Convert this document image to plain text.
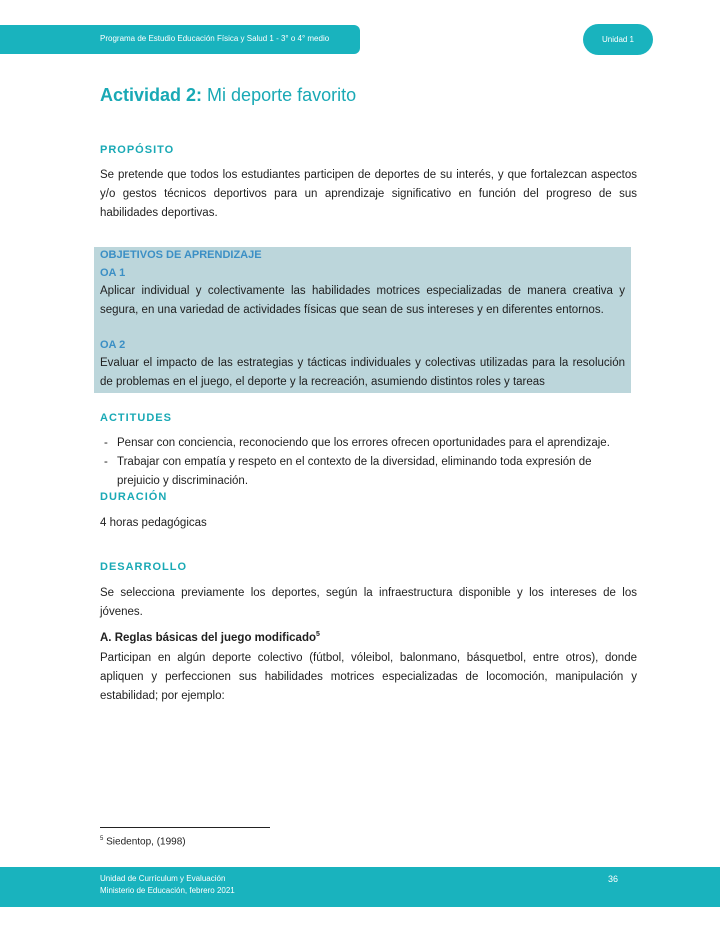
Programa de Estudio Educación Física y Salud 1 - 3° o 4° medio	Unidad 1
Actividad 2: Mi deporte favorito
PROPÓSITO
Se pretende que todos los estudiantes participen de deportes de su interés, y que fortalezcan aspectos y/o gestos técnicos deportivos para un aprendizaje significativo en función del progreso de sus habilidades deportivas.
OBJETIVOS DE APRENDIZAJE
OA 1
Aplicar individual y colectivamente las habilidades motrices especializadas de manera creativa y segura, en una variedad de actividades físicas que sean de sus intereses y en diferentes entornos.
OA 2
Evaluar el impacto de las estrategias y tácticas individuales y colectivas utilizadas para la resolución de problemas en el juego, el deporte y la recreación, asumiendo distintos roles y tareas
ACTITUDES
- Pensar con conciencia, reconociendo que los errores ofrecen oportunidades para el aprendizaje.
- Trabajar con empatía y respeto en el contexto de la diversidad, eliminando toda expresión de prejuicio y discriminación.
DURACIÓN
4 horas pedagógicas
DESARROLLO
Se selecciona previamente los deportes, según la infraestructura disponible y los intereses de los jóvenes.
A. Reglas básicas del juego modificado$^5$
Participan en algún deporte colectivo (fútbol, vóleibol, balonmano, básquetbol, entre otros), donde apliquen y perfeccionen sus habilidades motrices especializadas de locomoción, manipulación y estabilidad; por ejemplo:
$^5$ Siedentop, (1998)
Unidad de Currículum y Evaluación
Ministerio de Educación, febrero 2021
36
